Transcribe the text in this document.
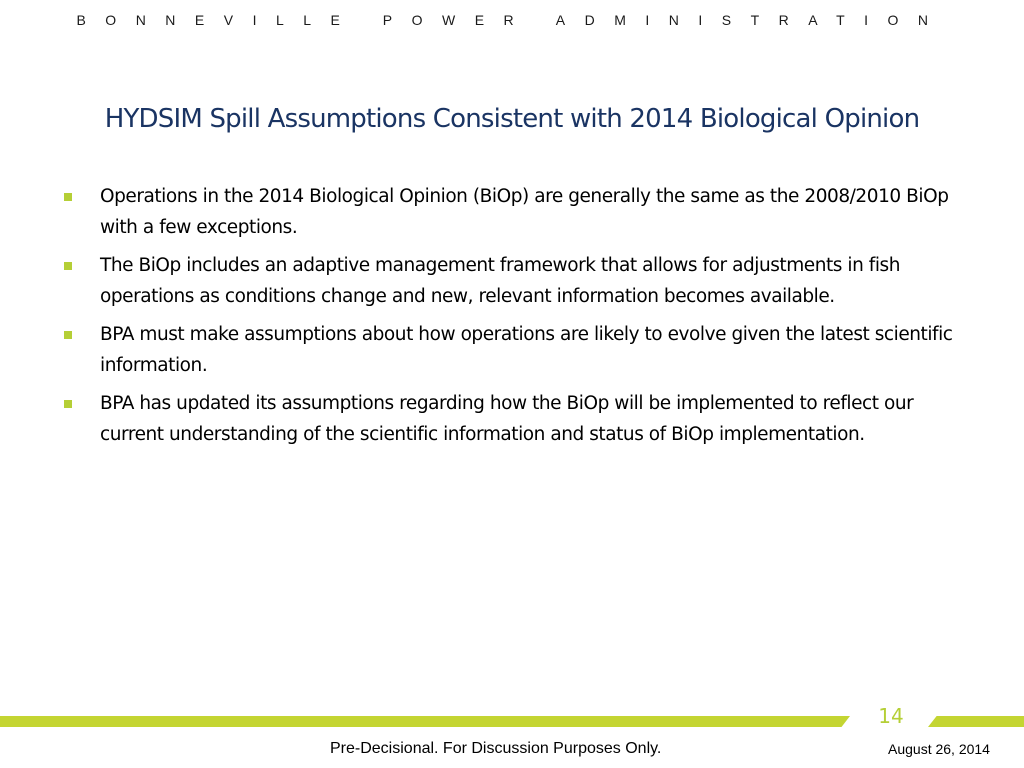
BONNEVILLE POWER ADMINISTRATION
HYDSIM Spill Assumptions Consistent with 2014 Biological Opinion
Operations in the 2014 Biological Opinion (BiOp) are generally the same as the 2008/2010 BiOp with a few exceptions.
The BiOp includes an adaptive management framework that allows for adjustments in fish operations as conditions change and new, relevant information becomes available.
BPA must make assumptions about how operations are likely to evolve given the latest scientific information.
BPA has updated its assumptions regarding how the BiOp will be implemented to reflect our current understanding of the scientific information and status of BiOp implementation.
14
Pre-Decisional. For Discussion Purposes Only.	August 26, 2014
